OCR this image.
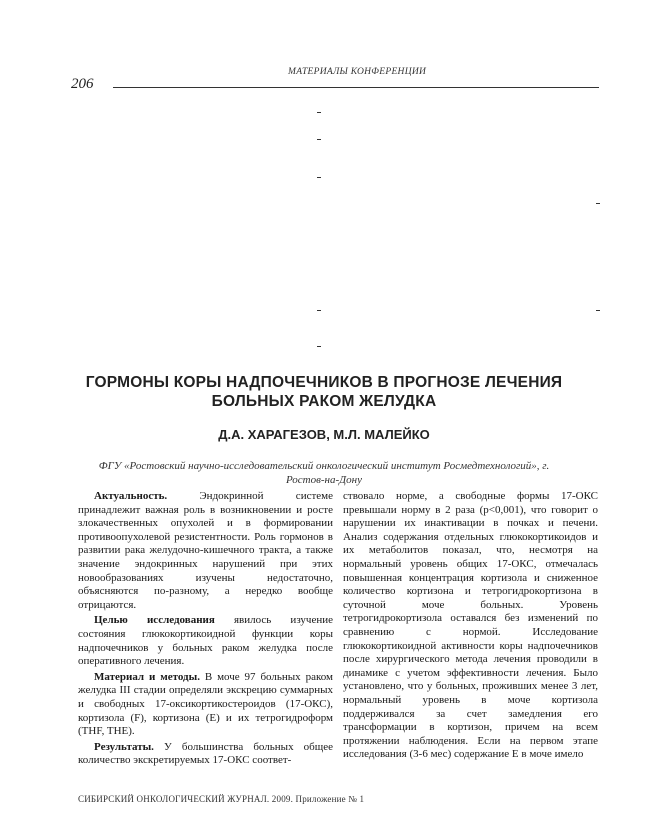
МАТЕРИАЛЫ КОНФЕРЕНЦИИ
206
ГОРМОНЫ КОРЫ НАДПОЧЕЧНИКОВ В ПРОГНОЗЕ ЛЕЧЕНИЯ БОЛЬНЫХ РАКОМ ЖЕЛУДКА
Д.А. ХАРАГЕЗОВ, М.Л. МАЛЕЙКО
ФГУ «Ростовский научно-исследовательский онкологический институт Росмедтехнологий», г. Ростов-на-Дону

Актуальность. Эндокринной системе принадлежит важная роль в возникновении и росте злокачественных опухолей и в формировании противоопухолевой резистентности. Роль гормонов в развитии рака желудочно-кишечного тракта, а также значение эндокринных нарушений при этих новообразованиях изучены недостаточно, объясняются по-разному, а нередко вообще отрицаются.

Целью исследования явилось изучение состояния глюкокортикоидной функции коры надпочечников у больных раком желудка после оперативного лечения.

Материал и методы. В моче 97 больных раком желудка III стадии определяли экскрецию суммарных и свободных 17-оксикортикостероидов (17-ОКС), кортизола (F), кортизона (E) и их тетрогидроформ (THF, THE).

Результаты. У большинства больных общее количество экскретируемых 17-ОКС соответ-

ствовало норме, а свободные формы 17-ОКС превышали норму в 2 раза (p<0,001), что говорит о нарушении их инактивации в почках и печени. Анализ содержания отдельных глюкокортикоидов и их метаболитов показал, что, несмотря на нормальный уровень общих 17-ОКС, отмечалась повышенная концентрация кортизола и сниженное количество кортизона и тетрогидрокортизона в суточной моче больных. Уровень тетрогидрокортизола оставался без изменений по сравнению с нормой. Исследование глюкокортикоидной активности коры надпочечников после хирургического метода лечения проводили в динамике с учетом эффективности лечения. Было установлено, что у больных, проживших менее 3 лет, нормальный уровень в моче кортизола поддерживался за счет замедления его трансформации в кортизон, причем на всем протяжении наблюдения. Если на первом этапе исследования (3-6 мес) содержание Е в моче имело

СИБИРСКИЙ ОНКОЛОГИЧЕСКИЙ ЖУРНАЛ. 2009. Приложение № 1
